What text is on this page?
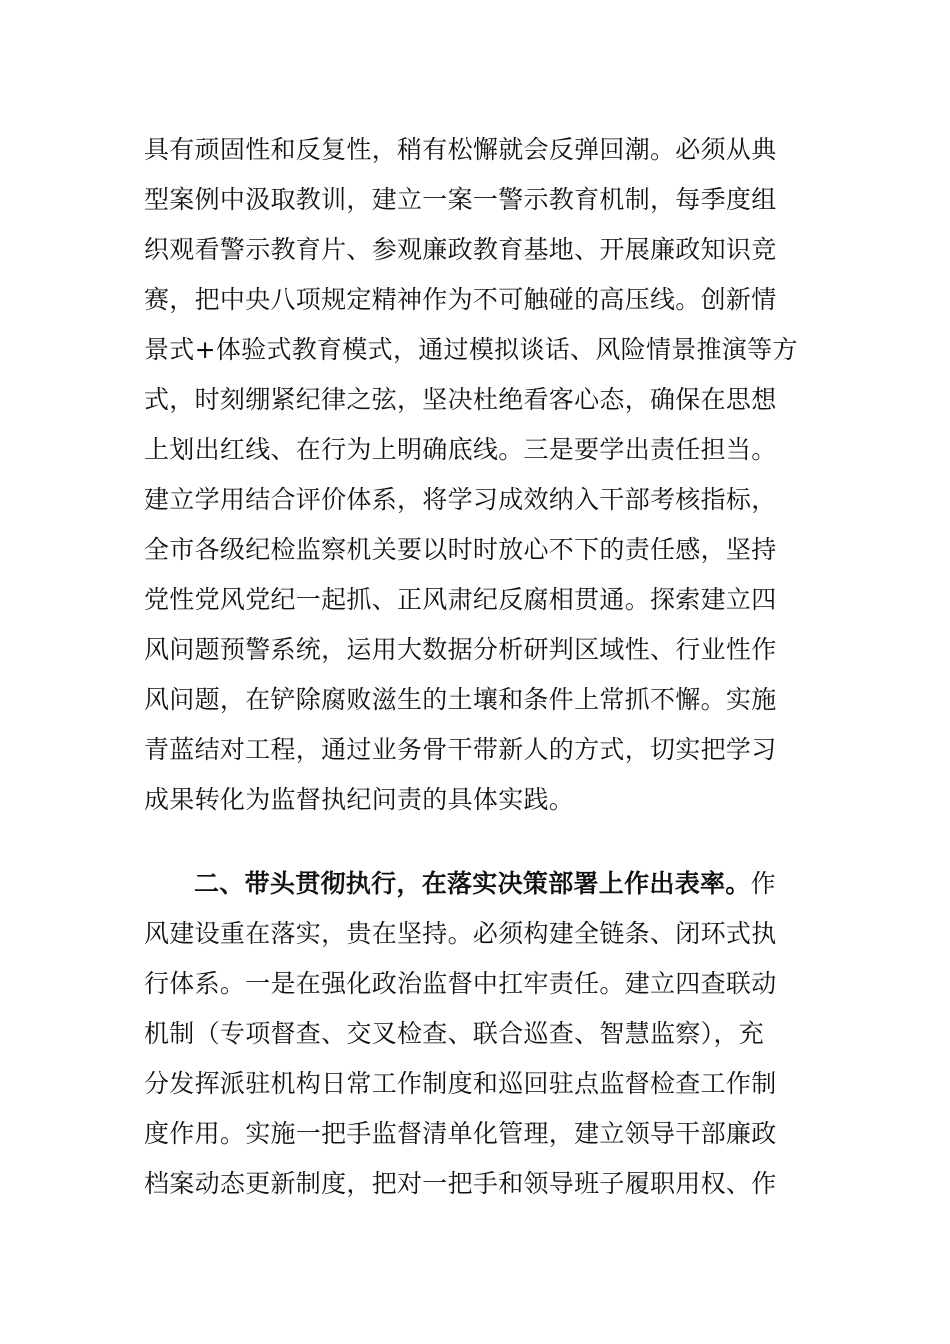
具有顽固性和反复性，稍有松懈就会反弹回潮。必须从典
型案例中汲取教训，建立一案一警示教育机制，每季度组
织观看警示教育片、参观廉政教育基地、开展廉政知识竞
赛，把中央八项规定精神作为不可触碰的高压线。创新情
景式+体验式教育模式，通过模拟谈话、风险情景推演等方
式，时刻绷紧纪律之弦，坚决杜绝看客心态，确保在思想
上划出红线、在行为上明确底线。三是要学出责任担当。
建立学用结合评价体系，将学习成效纳入干部考核指标，
全市各级纪检监察机关要以时时放心不下的责任感，坚持
党性党风党纪一起抓、正风肃纪反腐相贯通。探索建立四
风问题预警系统，运用大数据分析研判区域性、行业性作
风问题，在铲除腐败滋生的土壤和条件上常抓不懈。实施
青蓝结对工程，通过业务骨干带新人的方式，切实把学习
成果转化为监督执纪问责的具体实践。
二、带头贯彻执行，在落实决策部署上作出表率。作
风建设重在落实，贵在坚持。必须构建全链条、闭环式执
行体系。一是在强化政治监督中扛牢责任。建立四查联动
机制（专项督查、交叉检查、联合巡查、智慧监察），充
分发挥派驻机构日常工作制度和巡回驻点监督检查工作制
度作用。实施一把手监督清单化管理，建立领导干部廉政
档案动态更新制度，把对一把手和领导班子履职用权、作
